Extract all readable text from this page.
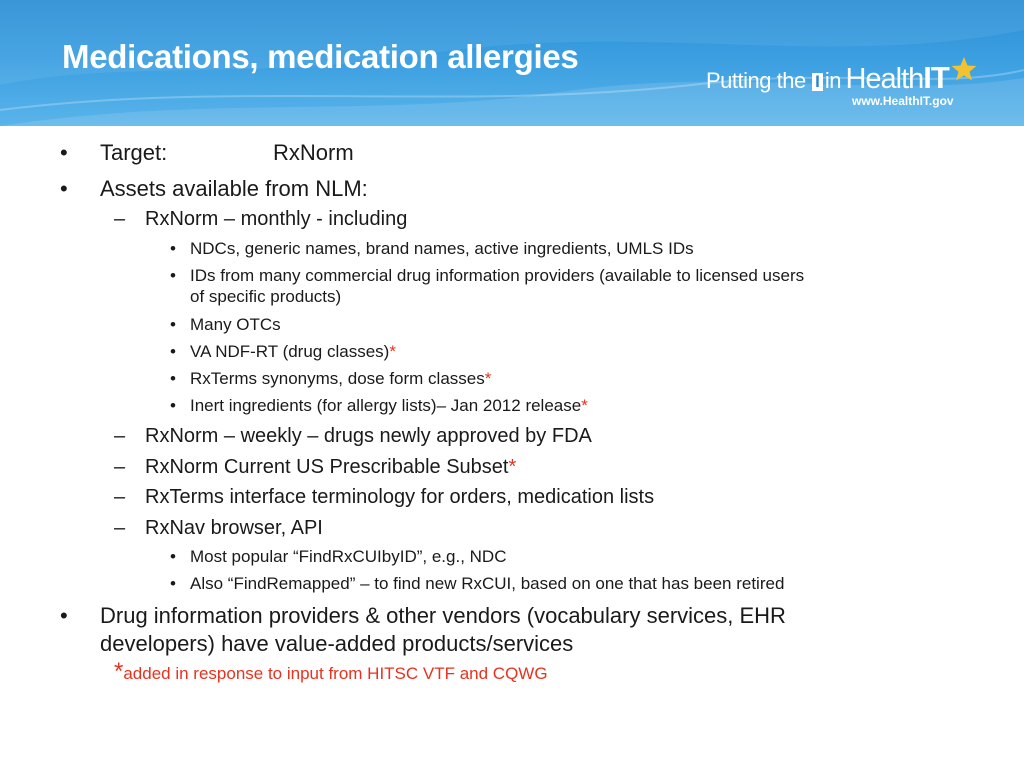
Medications, medication allergies
Putting the I in HealthIT
www.HealthIT.gov
• Target:	RxNorm
• Assets available from NLM:
– RxNorm – monthly - including
• NDCs, generic names, brand names, active ingredients, UMLS IDs
• IDs from many commercial drug information providers (available to licensed users
of specific products)
• Many OTCs
• VA NDF-RT (drug classes)*
• RxTerms synonyms, dose form classes*
• Inert ingredients (for allergy lists)– Jan 2012 release*
– RxNorm – weekly – drugs newly approved by FDA
– RxNorm Current US Prescribable Subset*
– RxTerms interface terminology for orders, medication lists
– RxNav browser, API
• Most popular “FindRxCUIbyID”, e.g., NDC
• Also “FindRemapped” – to find new RxCUI, based on one that has been retired
• Drug information providers & other vendors (vocabulary services, EHR
developers) have value-added products/services
*added in response to input from HITSC VTF and CQWG
